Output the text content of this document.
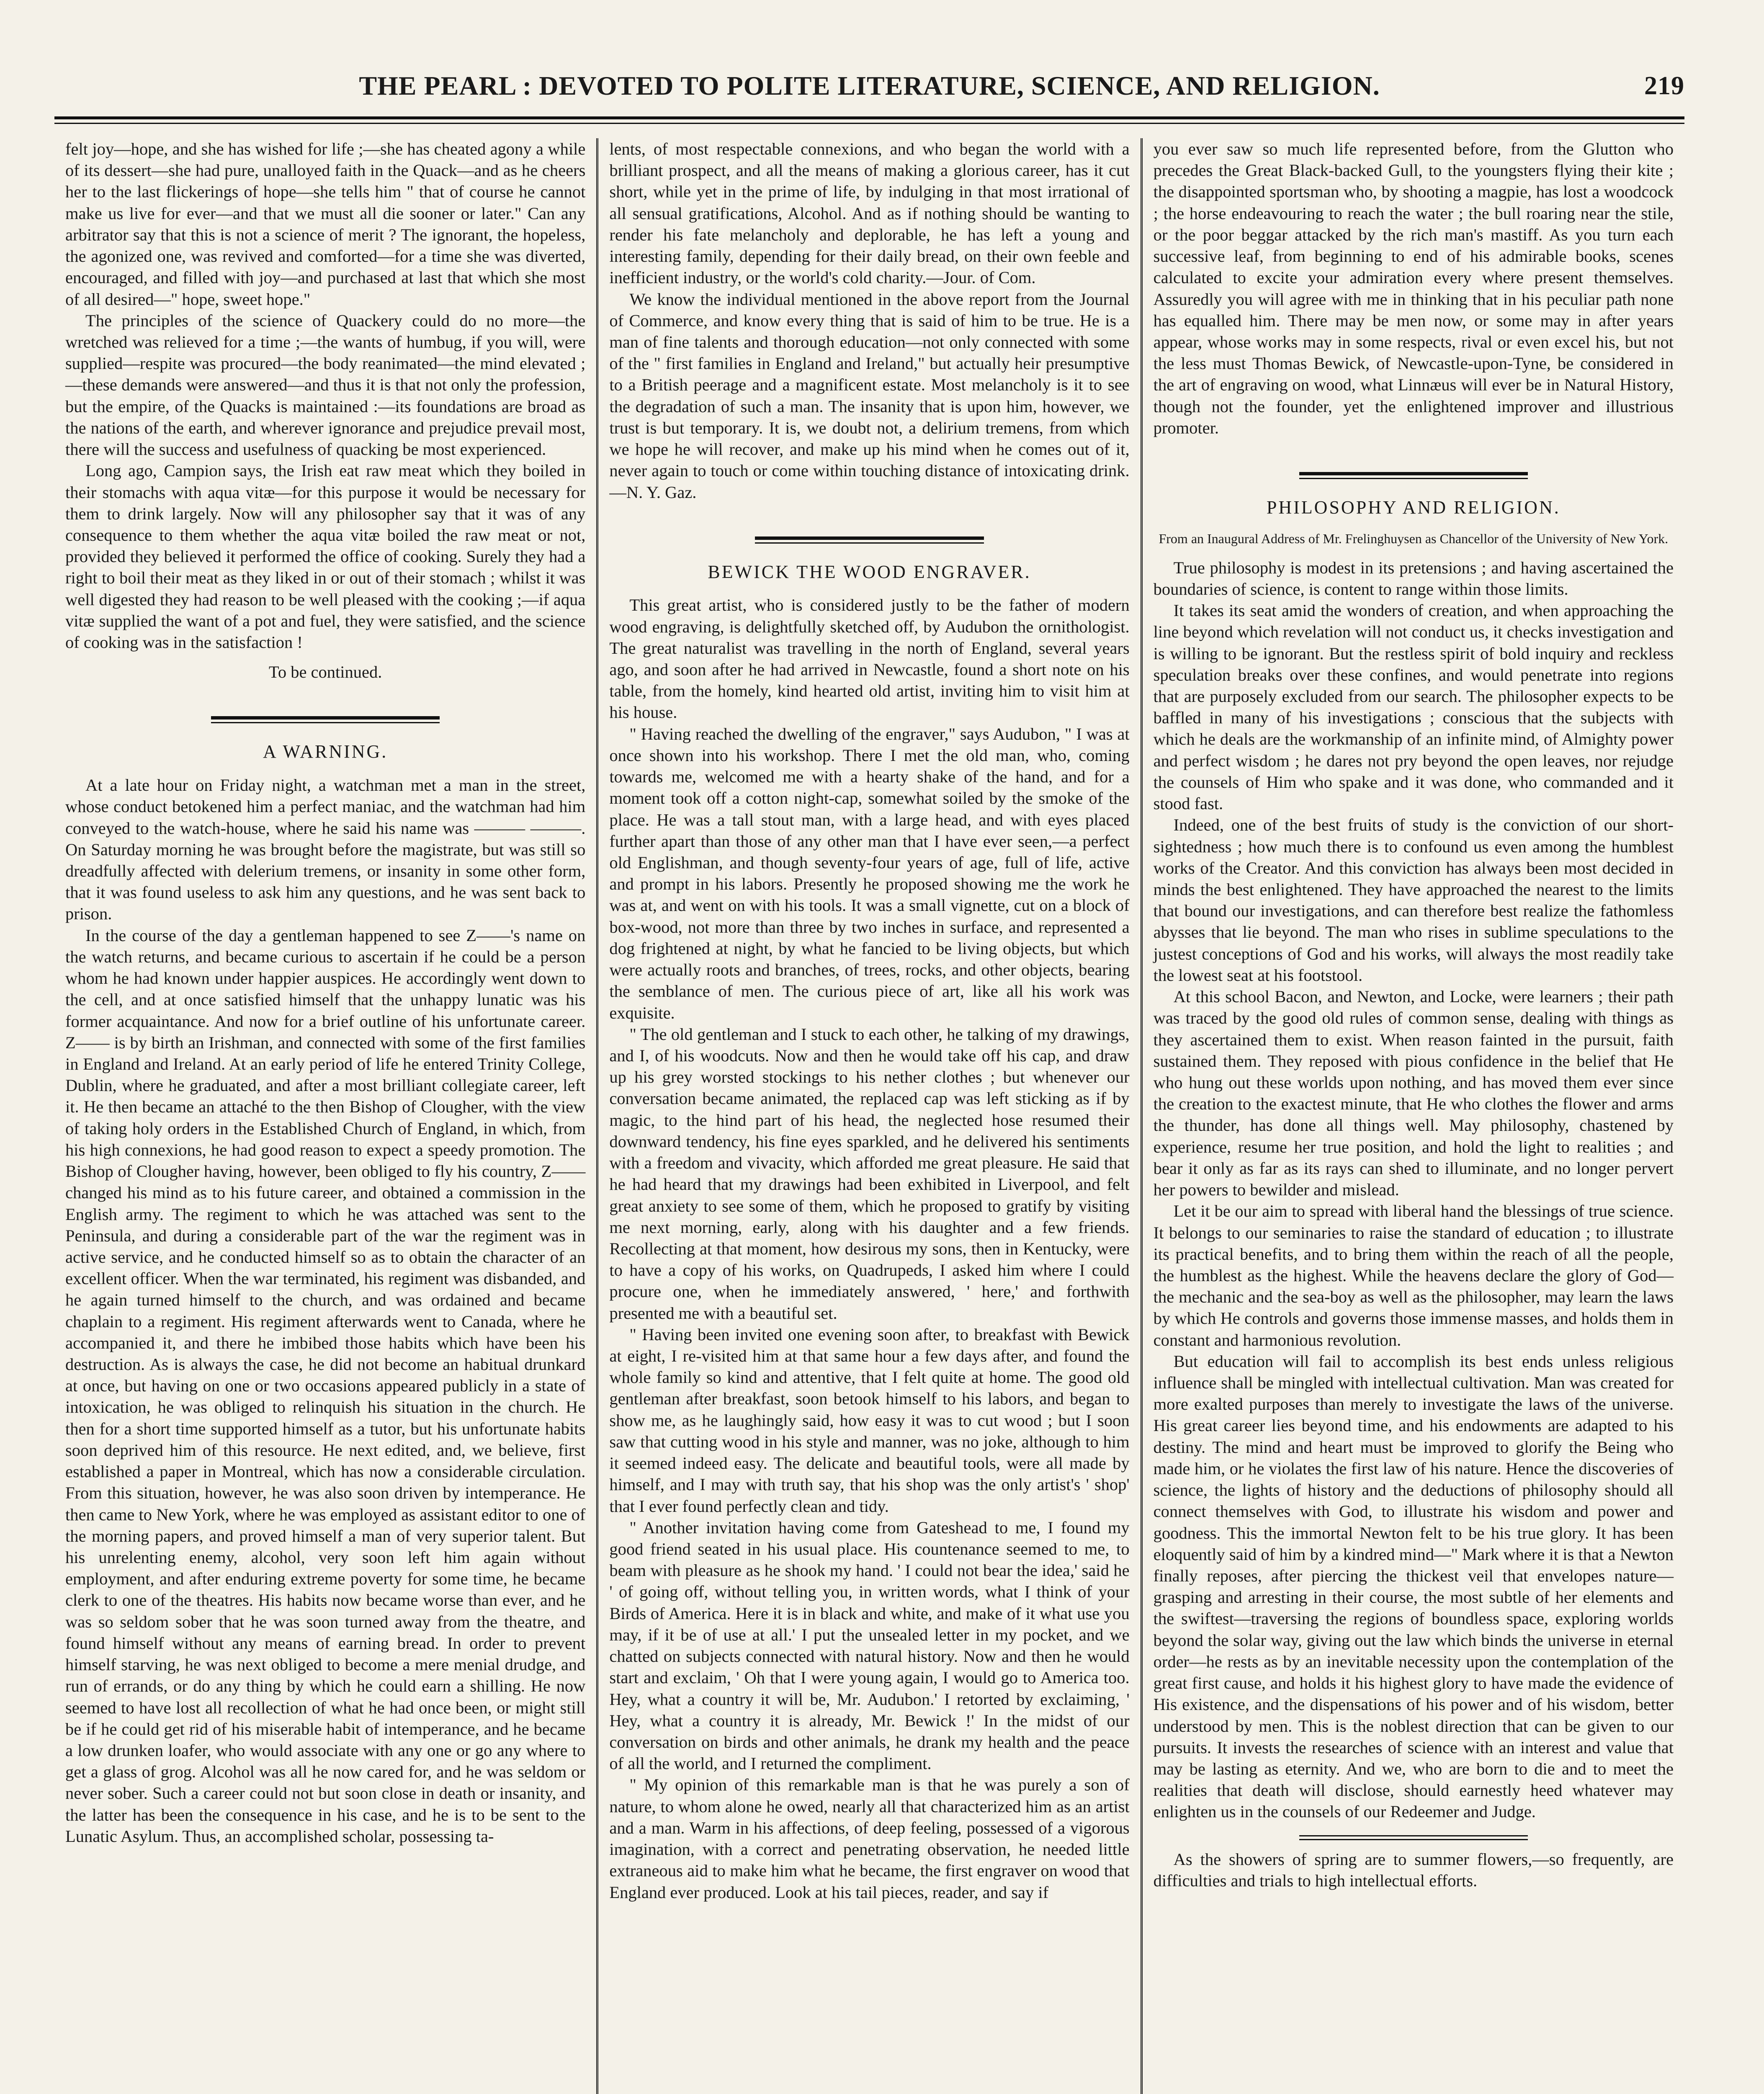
THE PEARL : DEVOTED TO POLITE LITERATURE, SCIENCE, AND RELIGION.	219

felt joy—hope, and she has wished for life ;—she has cheated agony a while of its dessert—she had pure, unalloyed faith in the Quack—and as he cheers her to the last flickerings of hope—she tells him " that of course he cannot make us live for ever—and that we must all die sooner or later." Can any arbitrator say that this is not a science of merit ? The ignorant, the hopeless, the agonized one, was revived and comforted—for a time she was diverted, encouraged, and filled with joy—and purchased at last that which she most of all desired—" hope, sweet hope."

The principles of the science of Quackery could do no more—the wretched was relieved for a time ;—the wants of humbug, if you will, were supplied—respite was procured—the body reanimated—the mind elevated ;—these demands were answered—and thus it is that not only the profession, but the empire, of the Quacks is maintained :—its foundations are broad as the nations of the earth, and wherever ignorance and prejudice prevail most, there will the success and usefulness of quacking be most experienced.

Long ago, Campion says, the Irish eat raw meat which they boiled in their stomachs with aqua vitæ—for this purpose it would be necessary for them to drink largely. Now will any philosopher say that it was of any consequence to them whether the aqua vitæ boiled the raw meat or not, provided they believed it performed the office of cooking. Surely they had a right to boil their meat as they liked in or out of their stomach ; whilst it was well digested they had reason to be well pleased with the cooking ;—if aqua vitæ supplied the want of a pot and fuel, they were satisfied, and the science of cooking was in the satisfaction !

To be continued.

A WARNING.

At a late hour on Friday night, a watchman met a man in the street, whose conduct betokened him a perfect maniac, and the watchman had him conveyed to the watch-house, where he said his name was ——— ———. On Saturday morning he was brought before the magistrate, but was still so dreadfully affected with delerium tremens, or insanity in some other form, that it was found useless to ask him any questions, and he was sent back to prison.

In the course of the day a gentleman happened to see Z——'s name on the watch returns, and became curious to ascertain if he could be a person whom he had known under happier auspices. He accordingly went down to the cell, and at once satisfied himself that the unhappy lunatic was his former acquaintance. And now for a brief outline of his unfortunate career. Z—— is by birth an Irishman, and connected with some of the first families in England and Ireland. At an early period of life he entered Trinity College, Dublin, where he graduated, and after a most brilliant collegiate career, left it. He then became an attaché to the then Bishop of Clougher, with the view of taking holy orders in the Established Church of England, in which, from his high connexions, he had good reason to expect a speedy promotion. The Bishop of Clougher having, however, been obliged to fly his country, Z—— changed his mind as to his future career, and obtained a commission in the English army. The regiment to which he was attached was sent to the Peninsula, and during a considerable part of the war the regiment was in active service, and he conducted himself so as to obtain the character of an excellent officer. When the war terminated, his regiment was disbanded, and he again turned himself to the church, and was ordained and became chaplain to a regiment. His regiment afterwards went to Canada, where he accompanied it, and there he imbibed those habits which have been his destruction. As is always the case, he did not become an habitual drunkard at once, but having on one or two occasions appeared publicly in a state of intoxication, he was obliged to relinquish his situation in the church. He then for a short time supported himself as a tutor, but his unfortunate habits soon deprived him of this resource. He next edited, and, we believe, first established a paper in Montreal, which has now a considerable circulation. From this situation, however, he was also soon driven by intemperance. He then came to New York, where he was employed as assistant editor to one of the morning papers, and proved himself a man of very superior talent. But his unrelenting enemy, alcohol, very soon left him again without employment, and after enduring extreme poverty for some time, he became clerk to one of the theatres. His habits now became worse than ever, and he was so seldom sober that he was soon turned away from the theatre, and found himself without any means of earning bread. In order to prevent himself starving, he was next obliged to become a mere menial drudge, and run of errands, or do any thing by which he could earn a shilling. He now seemed to have lost all recollection of what he had once been, or might still be if he could get rid of his miserable habit of intemperance, and he became a low drunken loafer, who would associate with any one or go any where to get a glass of grog. Alcohol was all he now cared for, and he was seldom or never sober. Such a career could not but soon close in death or insanity, and the latter has been the consequence in his case, and he is to be sent to the Lunatic Asylum. Thus, an accomplished scholar, possessing ta-

lents, of most respectable connexions, and who began the world with a brilliant prospect, and all the means of making a glorious career, has it cut short, while yet in the prime of life, by indulging in that most irrational of all sensual gratifications, Alcohol. And as if nothing should be wanting to render his fate melancholy and deplorable, he has left a young and interesting family, depending for their daily bread, on their own feeble and inefficient industry, or the world's cold charity.—Jour. of Com.

We know the individual mentioned in the above report from the Journal of Commerce, and know every thing that is said of him to be true. He is a man of fine talents and thorough education—not only connected with some of the " first families in England and Ireland," but actually heir presumptive to a British peerage and a magnificent estate. Most melancholy is it to see the degradation of such a man. The insanity that is upon him, however, we trust is but temporary. It is, we doubt not, a delirium tremens, from which we hope he will recover, and make up his mind when he comes out of it, never again to touch or come within touching distance of intoxicating drink.—N. Y. Gaz.

BEWICK THE WOOD ENGRAVER.

This great artist, who is considered justly to be the father of modern wood engraving, is delightfully sketched off, by Audubon the ornithologist. The great naturalist was travelling in the north of England, several years ago, and soon after he had arrived in Newcastle, found a short note on his table, from the homely, kind hearted old artist, inviting him to visit him at his house.

" Having reached the dwelling of the engraver," says Audubon, " I was at once shown into his workshop. There I met the old man, who, coming towards me, welcomed me with a hearty shake of the hand, and for a moment took off a cotton night-cap, somewhat soiled by the smoke of the place. He was a tall stout man, with a large head, and with eyes placed further apart than those of any other man that I have ever seen,—a perfect old Englishman, and though seventy-four years of age, full of life, active and prompt in his labors. Presently he proposed showing me the work he was at, and went on with his tools. It was a small vignette, cut on a block of box-wood, not more than three by two inches in surface, and represented a dog frightened at night, by what he fancied to be living objects, but which were actually roots and branches, of trees, rocks, and other objects, bearing the semblance of men. The curious piece of art, like all his work was exquisite.

" The old gentleman and I stuck to each other, he talking of my drawings, and I, of his woodcuts. Now and then he would take off his cap, and draw up his grey worsted stockings to his nether clothes ; but whenever our conversation became animated, the replaced cap was left sticking as if by magic, to the hind part of his head, the neglected hose resumed their downward tendency, his fine eyes sparkled, and he delivered his sentiments with a freedom and vivacity, which afforded me great pleasure. He said that he had heard that my drawings had been exhibited in Liverpool, and felt great anxiety to see some of them, which he proposed to gratify by visiting me next morning, early, along with his daughter and a few friends. Recollecting at that moment, how desirous my sons, then in Kentucky, were to have a copy of his works, on Quadrupeds, I asked him where I could procure one, when he immediately answered, ' here,' and forthwith presented me with a beautiful set.

" Having been invited one evening soon after, to breakfast with Bewick at eight, I re-visited him at that same hour a few days after, and found the whole family so kind and attentive, that I felt quite at home. The good old gentleman after breakfast, soon betook himself to his labors, and began to show me, as he laughingly said, how easy it was to cut wood ; but I soon saw that cutting wood in his style and manner, was no joke, although to him it seemed indeed easy. The delicate and beautiful tools, were all made by himself, and I may with truth say, that his shop was the only artist's ' shop' that I ever found perfectly clean and tidy.

" Another invitation having come from Gateshead to me, I found my good friend seated in his usual place. His countenance seemed to me, to beam with pleasure as he shook my hand. ' I could not bear the idea,' said he ' of going off, without telling you, in written words, what I think of your Birds of America. Here it is in black and white, and make of it what use you may, if it be of use at all.' I put the unsealed letter in my pocket, and we chatted on subjects connected with natural history. Now and then he would start and exclaim, ' Oh that I were young again, I would go to America too. Hey, what a country it will be, Mr. Audubon.' I retorted by exclaiming, ' Hey, what a country it is already, Mr. Bewick !' In the midst of our conversation on birds and other animals, he drank my health and the peace of all the world, and I returned the compliment.

" My opinion of this remarkable man is that he was purely a son of nature, to whom alone he owed, nearly all that characterized him as an artist and a man. Warm in his affections, of deep feeling, possessed of a vigorous imagination, with a correct and penetrating observation, he needed little extraneous aid to make him what he became, the first engraver on wood that England ever produced. Look at his tail pieces, reader, and say if

you ever saw so much life represented before, from the Glutton who precedes the Great Black-backed Gull, to the youngsters flying their kite ; the disappointed sportsman who, by shooting a magpie, has lost a woodcock ; the horse endeavouring to reach the water ; the bull roaring near the stile, or the poor beggar attacked by the rich man's mastiff. As you turn each successive leaf, from beginning to end of his admirable books, scenes calculated to excite your admiration every where present themselves. Assuredly you will agree with me in thinking that in his peculiar path none has equalled him. There may be men now, or some may in after years appear, whose works may in some respects, rival or even excel his, but not the less must Thomas Bewick, of Newcastle-upon-Tyne, be considered in the art of engraving on wood, what Linnæus will ever be in Natural History, though not the founder, yet the enlightened improver and illustrious promoter.

PHILOSOPHY AND RELIGION.
From an Inaugural Address of Mr. Frelinghuysen as Chancellor of the University of New York.

True philosophy is modest in its pretensions ; and having ascertained the boundaries of science, is content to range within those limits.

It takes its seat amid the wonders of creation, and when approaching the line beyond which revelation will not conduct us, it checks investigation and is willing to be ignorant. But the restless spirit of bold inquiry and reckless speculation breaks over these confines, and would penetrate into regions that are purposely excluded from our search. The philosopher expects to be baffled in many of his investigations ; conscious that the subjects with which he deals are the workmanship of an infinite mind, of Almighty power and perfect wisdom ; he dares not pry beyond the open leaves, nor rejudge the counsels of Him who spake and it was done, who commanded and it stood fast.

Indeed, one of the best fruits of study is the conviction of our short-sightedness ; how much there is to confound us even among the humblest works of the Creator. And this conviction has always been most decided in minds the best enlightened. They have approached the nearest to the limits that bound our investigations, and can therefore best realize the fathomless abysses that lie beyond. The man who rises in sublime speculations to the justest conceptions of God and his works, will always the most readily take the lowest seat at his footstool.

At this school Bacon, and Newton, and Locke, were learners ; their path was traced by the good old rules of common sense, dealing with things as they ascertained them to exist. When reason fainted in the pursuit, faith sustained them. They reposed with pious confidence in the belief that He who hung out these worlds upon nothing, and has moved them ever since the creation to the exactest minute, that He who clothes the flower and arms the thunder, has done all things well. May philosophy, chastened by experience, resume her true position, and hold the light to realities ; and bear it only as far as its rays can shed to illuminate, and no longer pervert her powers to bewilder and mislead.

Let it be our aim to spread with liberal hand the blessings of true science. It belongs to our seminaries to raise the standard of education ; to illustrate its practical benefits, and to bring them within the reach of all the people, the humblest as the highest. While the heavens declare the glory of God—the mechanic and the sea-boy as well as the philosopher, may learn the laws by which He controls and governs those immense masses, and holds them in constant and harmonious revolution.

But education will fail to accomplish its best ends unless religious influence shall be mingled with intellectual cultivation. Man was created for more exalted purposes than merely to investigate the laws of the universe. His great career lies beyond time, and his endowments are adapted to his destiny. The mind and heart must be improved to glorify the Being who made him, or he violates the first law of his nature. Hence the discoveries of science, the lights of history and the deductions of philosophy should all connect themselves with God, to illustrate his wisdom and power and goodness. This the immortal Newton felt to be his true glory. It has been eloquently said of him by a kindred mind—" Mark where it is that a Newton finally reposes, after piercing the thickest veil that envelopes nature—grasping and arresting in their course, the most subtle of her elements and the swiftest—traversing the regions of boundless space, exploring worlds beyond the solar way, giving out the law which binds the universe in eternal order—he rests as by an inevitable necessity upon the contemplation of the great first cause, and holds it his highest glory to have made the evidence of His existence, and the dispensations of his power and of his wisdom, better understood by men. This is the noblest direction that can be given to our pursuits. It invests the researches of science with an interest and value that may be lasting as eternity. And we, who are born to die and to meet the realities that death will disclose, should earnestly heed whatever may enlighten us in the counsels of our Redeemer and Judge.

As the showers of spring are to summer flowers,—so frequently, are difficulties and trials to high intellectual efforts.
